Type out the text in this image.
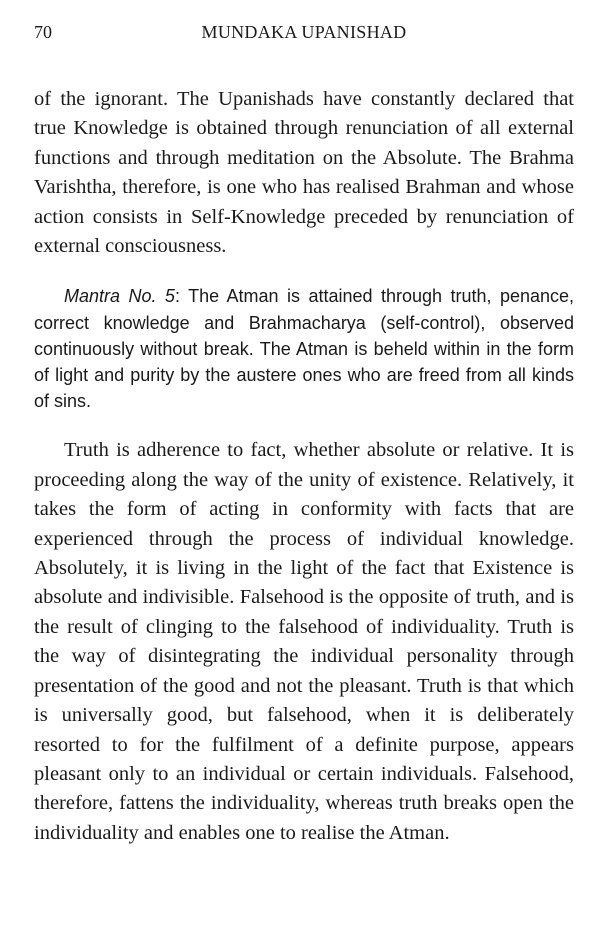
70	MUNDAKA UPANISHAD

of the ignorant. The Upanishads have constantly declared that true Knowledge is obtained through renunciation of all external functions and through meditation on the Absolute. The Brahma Varishtha, therefore, is one who has realised Brahman and whose action consists in Self-Knowledge preceded by renunciation of external consciousness.

Mantra No. 5: The Atman is attained through truth, penance, correct knowledge and Brahmacharya (self-control), observed continuously without break. The Atman is beheld within in the form of light and purity by the austere ones who are freed from all kinds of sins.

Truth is adherence to fact, whether absolute or relative. It is proceeding along the way of the unity of existence. Relatively, it takes the form of acting in conformity with facts that are experienced through the process of individual knowledge. Absolutely, it is living in the light of the fact that Existence is absolute and indivisible. Falsehood is the opposite of truth, and is the result of clinging to the falsehood of individuality. Truth is the way of disintegrating the individual personality through presentation of the good and not the pleasant. Truth is that which is universally good, but falsehood, when it is deliberately resorted to for the fulfilment of a definite purpose, appears pleasant only to an individual or certain individuals. Falsehood, therefore, fattens the individuality, whereas truth breaks open the individuality and enables one to realise the Atman.
